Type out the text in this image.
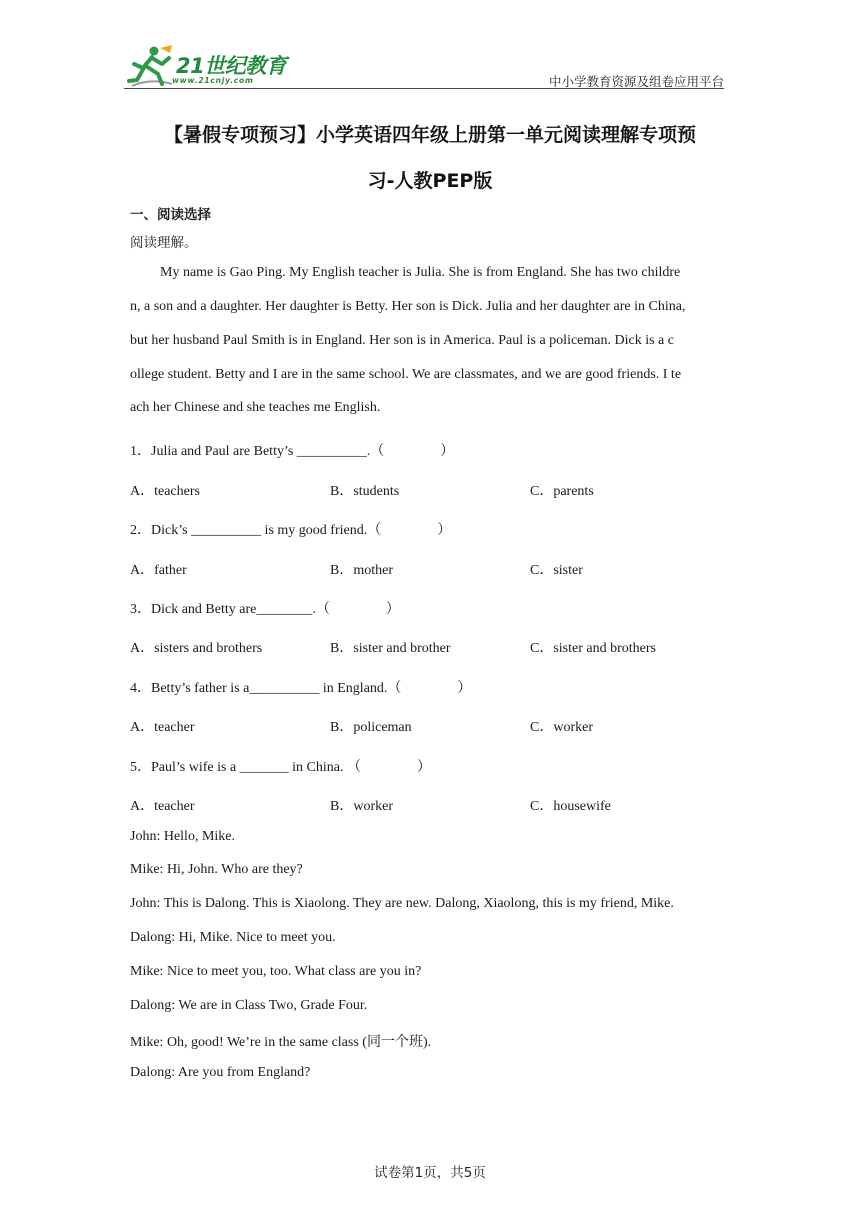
21世纪教育
www.21cnjy.com	中小学教育资源及组卷应用平台
【暑假专项预习】小学英语四年级上册第一单元阅读理解专项预
习-人教PEP版
一、阅读选择
阅读理解。
My name is Gao Ping. My English teacher is Julia. She is from England. She has two childre
n, a son and a daughter. Her daughter is Betty. Her son is Dick. Julia and her daughter are in China,
but her husband Paul Smith is in England. Her son is in America. Paul is a policeman. Dick is a c
ollege student. Betty and I are in the same school. We are classmates, and we are good friends. I te
ach her Chinese and she teaches me English.
1．Julia and Paul are Betty’s __________.（　　　　）
A．teachers	B．students	C．parents
2．Dick’s __________ is my good friend.（　　　　）
A．father	B．mother	C．sister
3．Dick and Betty are________.（　　　　）
A．sisters and brothers	B．sister and brother	C．sister and brothers
4．Betty’s father is a__________ in England.（　　　　）
A．teacher	B．policeman	C．worker
5．Paul’s wife is a _______ in China. （　　　　）
A．teacher	B．worker	C．housewife
John: Hello, Mike.
Mike: Hi, John. Who are they?
John: This is Dalong. This is Xiaolong. They are new. Dalong, Xiaolong, this is my friend, Mike.
Dalong: Hi, Mike. Nice to meet you.
Mike: Nice to meet you, too. What class are you in?
Dalong: We are in Class Two, Grade Four.
Mike: Oh, good! We’re in the same class (同一个班).
Dalong: Are you from England?
试卷第1页，共5页
